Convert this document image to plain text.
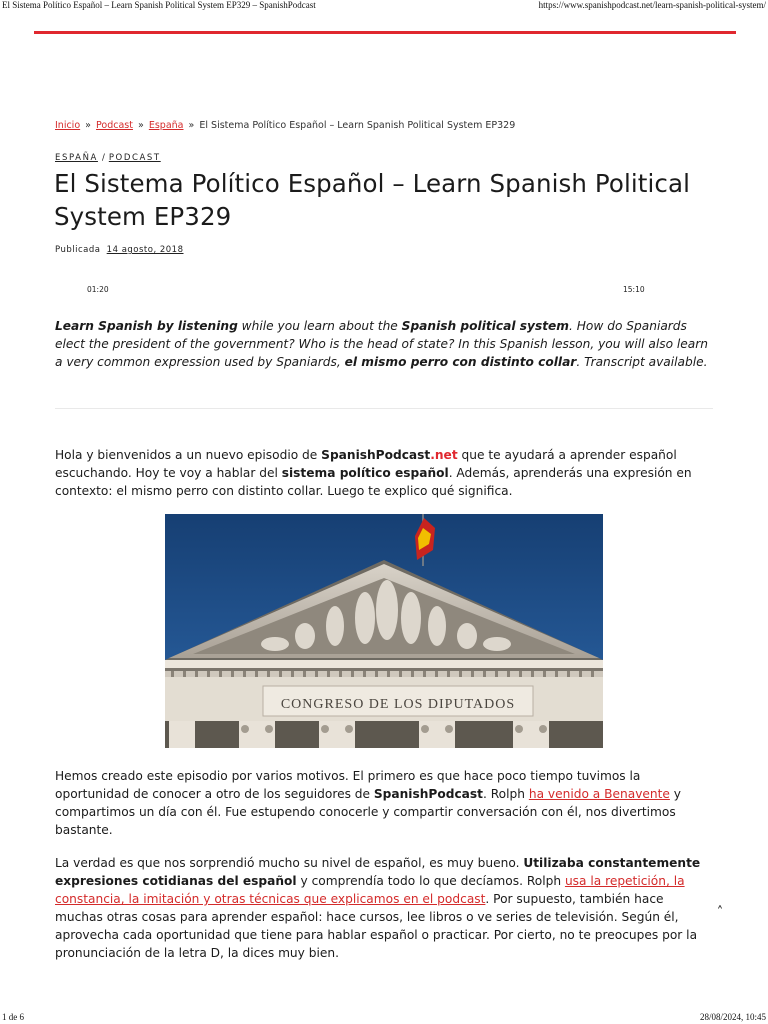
El Sistema Político Español – Learn Spanish Political System EP329 – SpanishPodcast	https://www.spanishpodcast.net/learn-spanish-political-system/
Inicio » Podcast » España » El Sistema Político Español – Learn Spanish Political System EP329
ESPAÑA / PODCAST
El Sistema Político Español – Learn Spanish Political System EP329
Publicada 14 agosto, 2018
01:20	15:10

Learn Spanish by listening while you learn about the Spanish political system. How do Spaniards elect the president of the government? Who is the head of state? In this Spanish lesson, you will also learn a very common expression used by Spaniards, el mismo perro con distinto collar. Transcript available.

Hola y bienvenidos a un nuevo episodio de SpanishPodcast.net que te ayudará a aprender español escuchando. Hoy te voy a hablar del sistema político español. Además, aprenderás una expresión en contexto: el mismo perro con distinto collar. Luego te explico qué significa.

CONGRESO DE LOS DIPUTADOS

Hemos creado este episodio por varios motivos. El primero es que hace poco tiempo tuvimos la oportunidad de conocer a otro de los seguidores de SpanishPodcast. Rolph ha venido a Benavente y compartimos un día con él. Fue estupendo conocerle y compartir conversación con él, nos divertimos bastante.

La verdad es que nos sorprendió mucho su nivel de español, es muy bueno. Utilizaba constantemente expresiones cotidianas del español y comprendía todo lo que decíamos. Rolph usa la repetición, la constancia, la imitación y otras técnicas que explicamos en el podcast. Por supuesto, también hace muchas otras cosas para aprender español: hace cursos, lee libros o ve series de televisión. Según él, aprovecha cada oportunidad que tiene para hablar español o practicar. Por cierto, no te preocupes por la pronunciación de la letra D, la dices muy bien.

˄
1 de 6	28/08/2024, 10:45
